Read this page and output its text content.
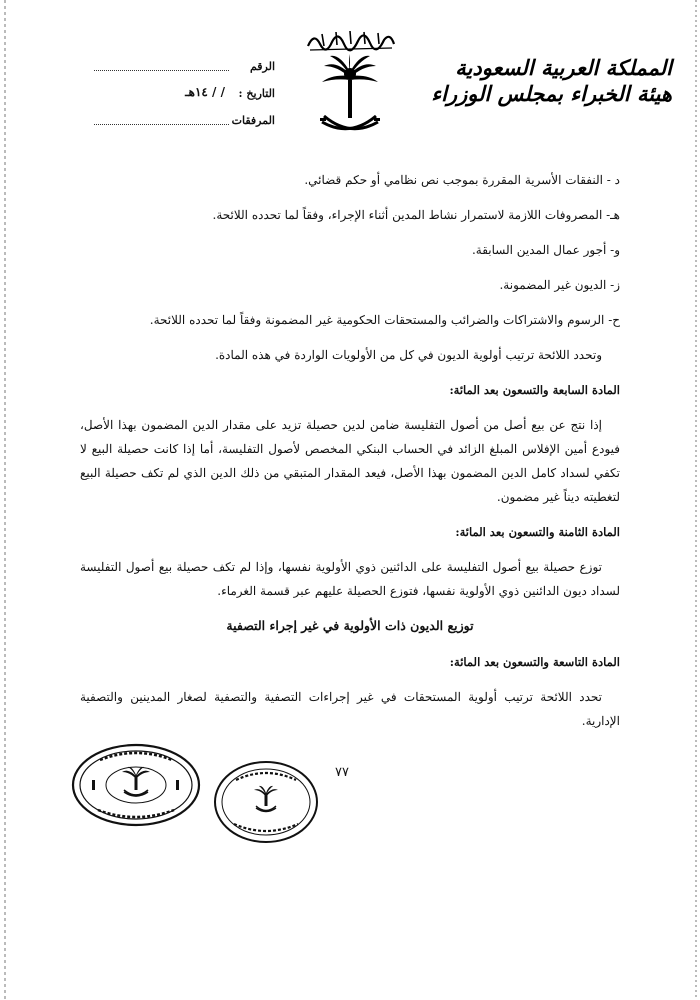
المملكة العربية السعودية
هيئة الخبراء بمجلس الوزراء
الرقم
التاريخ :
/ / ١٤هـ
المرفقات
د - النفقات الأسرية المقررة بموجب نص نظامي أو حكم قضائي.
هـ- المصروفات اللازمة لاستمرار نشاط المدين أثناء الإجراء، وفقاً لما تحدده اللائحة.
و- أجور عمال المدين السابقة.
ز- الديون غير المضمونة.
ح- الرسوم والاشتراكات والضرائب والمستحقات الحكومية غير المضمونة وفقاً لما تحدده اللائحة.
وتحدد اللائحة ترتيب أولوية الديون في كل من الأولويات الواردة في هذه المادة.
المادة السابعة والتسعون بعد المائة:
إذا نتج عن بيع أصل من أصول التفليسة ضامن لدين حصيلة تزيد على مقدار الدين المضمون بهذا الأصل، فيودع أمين الإفلاس المبلغ الزائد في الحساب البنكي المخصص لأصول التفليسة، أما إذا كانت حصيلة البيع لا تكفي لسداد كامل الدين المضمون بهذا الأصل، فيعد المقدار المتبقي من ذلك الدين الذي لم تكف حصيلة البيع لتغطيته ديناً غير مضمون.
المادة الثامنة والتسعون بعد المائة:
توزع حصيلة بيع أصول التفليسة على الدائنين ذوي الأولوية نفسها، وإذا لم تكف حصيلة بيع أصول التفليسة لسداد ديون الدائنين ذوي الأولوية نفسها، فتوزع الحصيلة عليهم عبر قسمة الغرماء.
توزيع الديون ذات الأولوية في غير إجراء التصفية
المادة التاسعة والتسعون بعد المائة:
تحدد اللائحة ترتيب أولوية المستحقات في غير إجراءات التصفية والتصفية لصغار المدينين والتصفية الإدارية.
٧٧
